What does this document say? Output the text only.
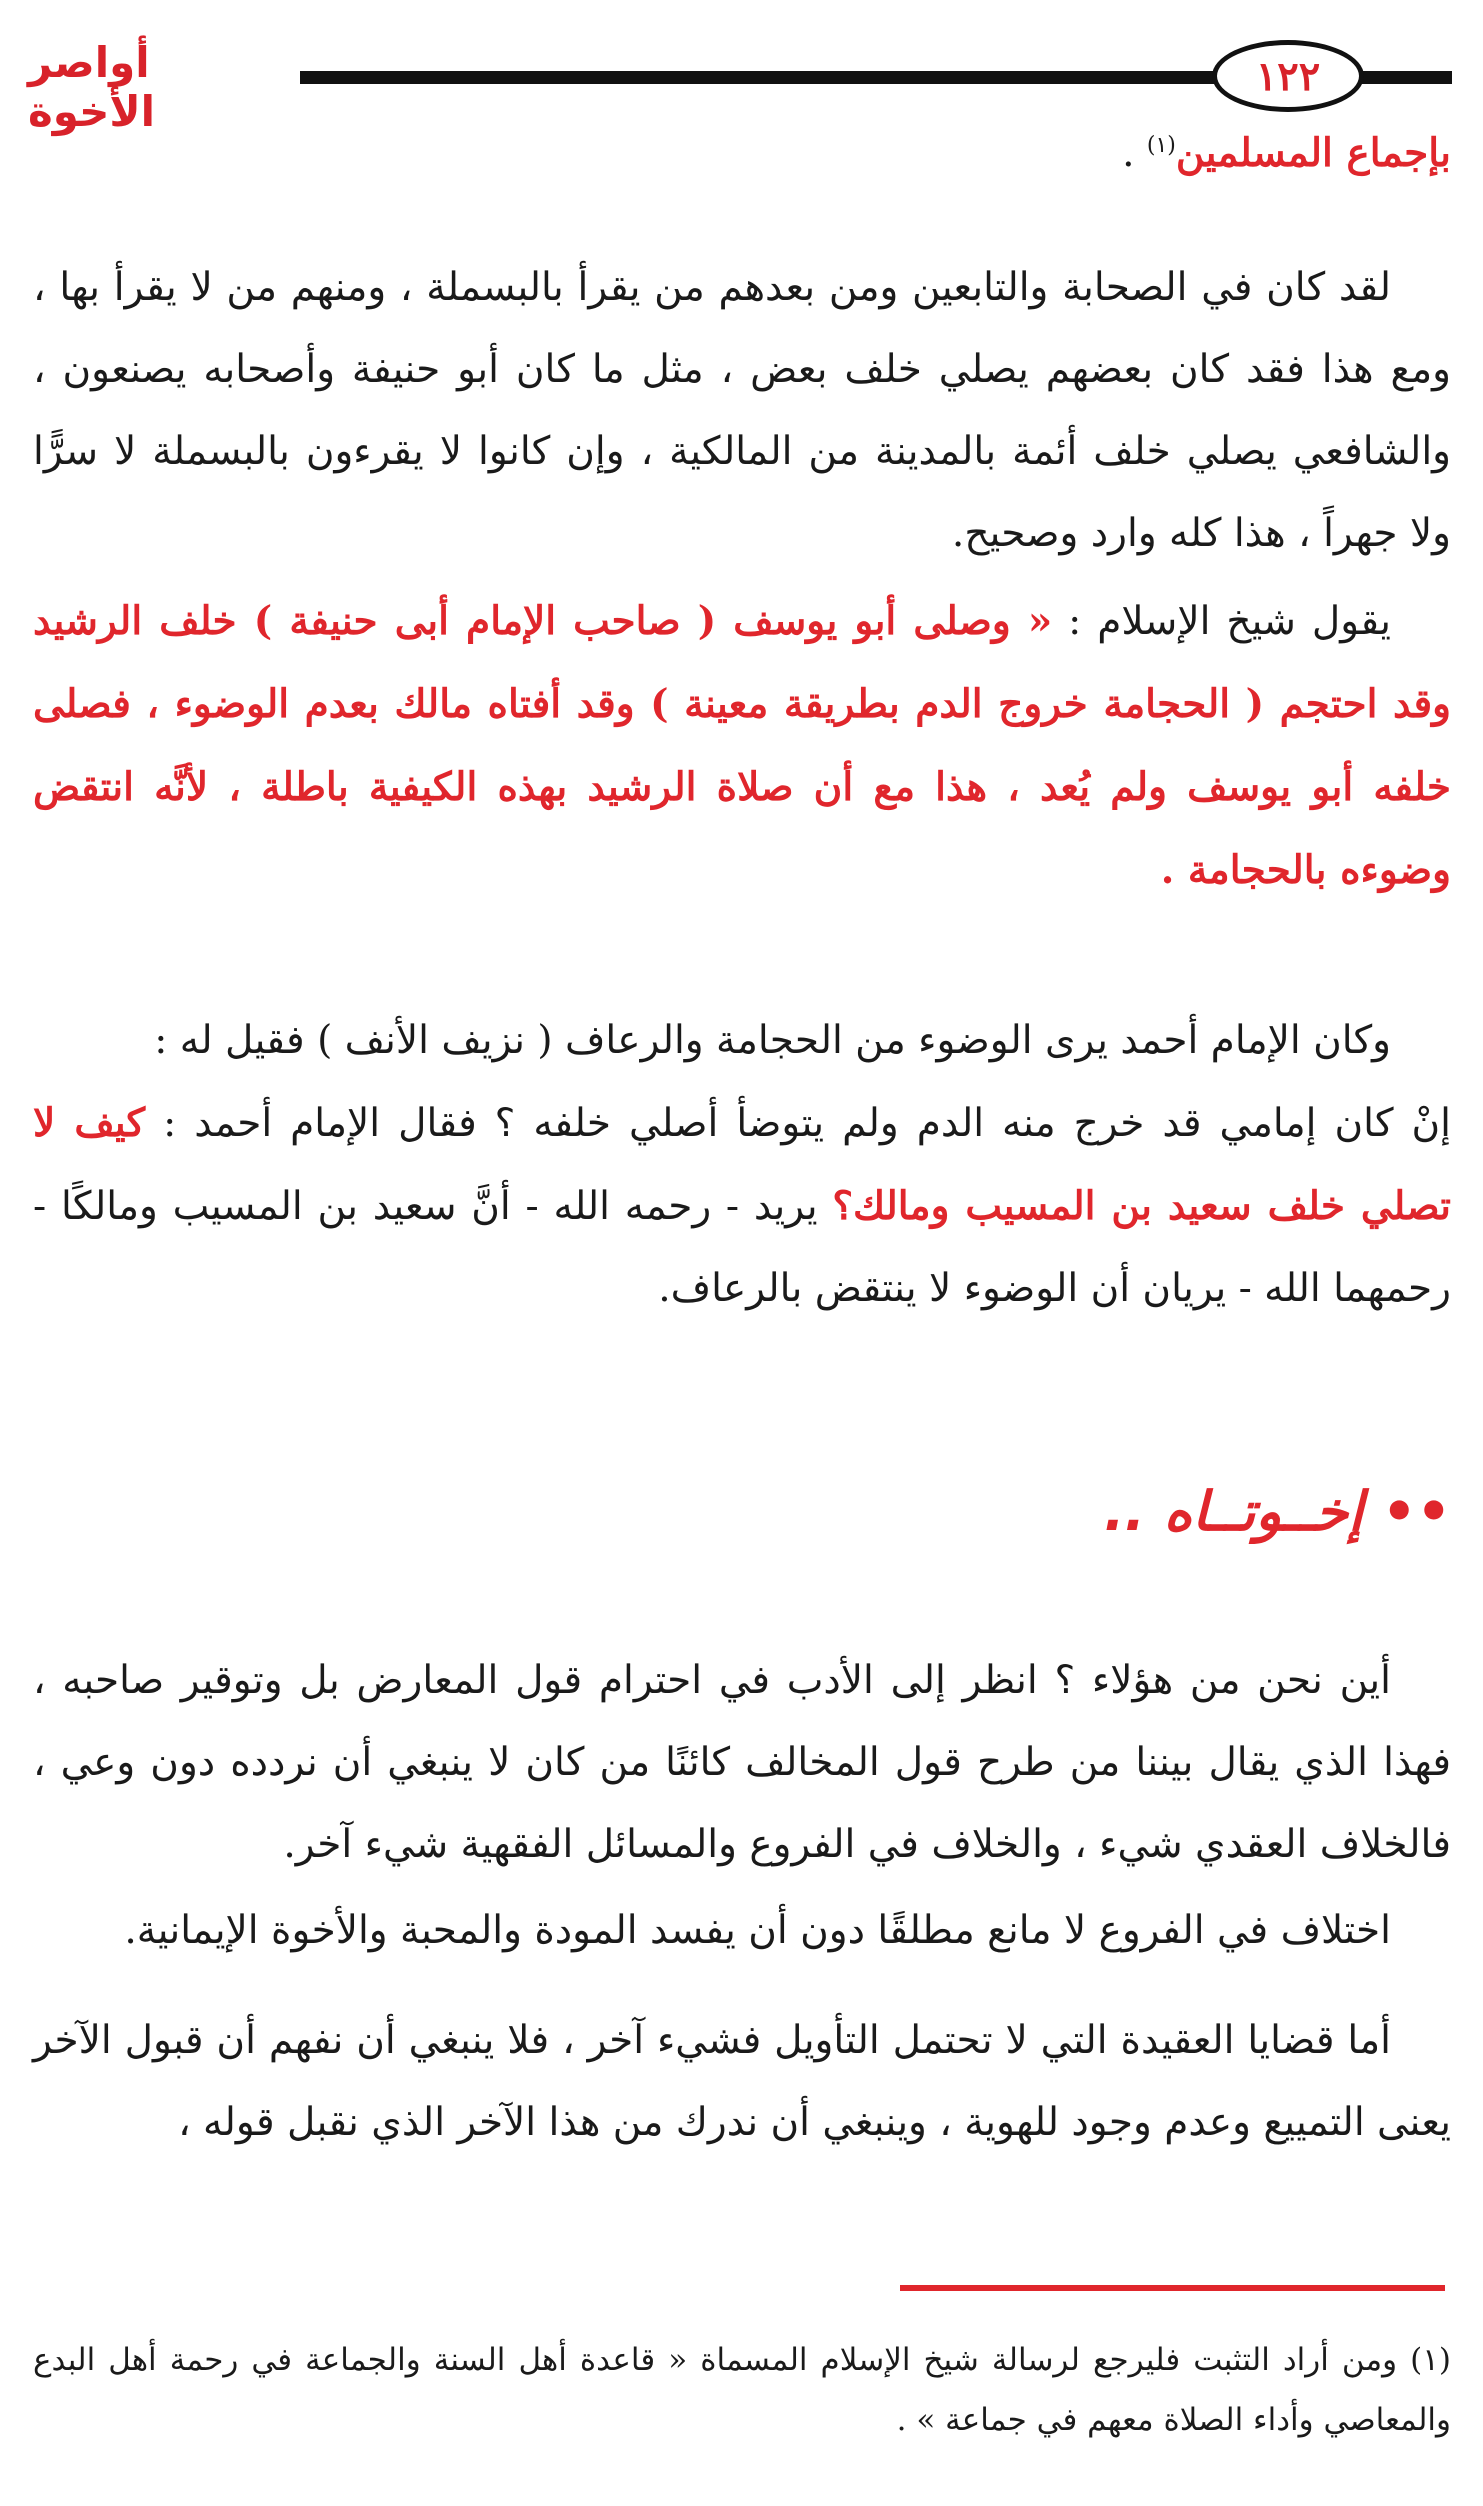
١٢٢
أواصر الأخوة
بإجماع المسلمين$^{(١)}$ .
لقد كان في الصحابة والتابعين ومن بعدهم من يقرأ بالبسملة ، ومنهم من لا يقرأ بها ، ومع هذا فقد كان بعضهم يصلي خلف بعض ، مثل ما كان أبو حنيفة وأصحابه يصنعون ، والشافعي يصلي خلف أئمة بالمدينة من المالكية ، وإن كانوا لا يقرءون بالبسملة لا سرًّا ولا جهراً ، هذا كله وارد وصحيح.
يقول شيخ الإسلام : « وصلى أبو يوسف ( صاحب الإمام أبى حنيفة ) خلف الرشيد وقد احتجم ( الحجامة خروج الدم بطريقة معينة ) وقد أفتاه مالك بعدم الوضوء ، فصلى خلفه أبو يوسف ولم يُعد ، هذا مع أن صلاة الرشيد بهذه الكيفية باطلة ، لأنَّه انتقض وضوءه بالحجامة .
وكان الإمام أحمد يرى الوضوء من الحجامة والرعاف ( نزيف الأنف ) فقيل له :
إنْ كان إمامي قد خرج منه الدم ولم يتوضأ أصلي خلفه ؟ فقال الإمام أحمد : كيف لا تصلي خلف سعيد بن المسيب ومالك؟ يريد - رحمه الله - أنَّ سعيد بن المسيب ومالكًا - رحمهما الله - يريان أن الوضوء لا ينتقض بالرعاف.
•• إخــوتــاه ..
أين نحن من هؤلاء ؟ انظر إلى الأدب في احترام قول المعارض بل وتوقير صاحبه ، فهذا الذي يقال بيننا من طرح قول المخالف كائنًا من كان لا ينبغي أن نردده دون وعي ، فالخلاف العقدي شيء ، والخلاف في الفروع والمسائل الفقهية شيء آخر.
اختلاف في الفروع لا مانع مطلقًا دون أن يفسد المودة والمحبة والأخوة الإيمانية.
أما قضايا العقيدة التي لا تحتمل التأويل فشيء آخر ، فلا ينبغي أن نفهم أن قبول الآخر يعنى التمييع وعدم وجود للهوية ، وينبغي أن ندرك من هذا الآخر الذي نقبل قوله ،
(١) ومن أراد التثبت فليرجع لرسالة شيخ الإسلام المسماة « قاعدة أهل السنة والجماعة في رحمة أهل البدع والمعاصي وأداء الصلاة معهم في جماعة » .
